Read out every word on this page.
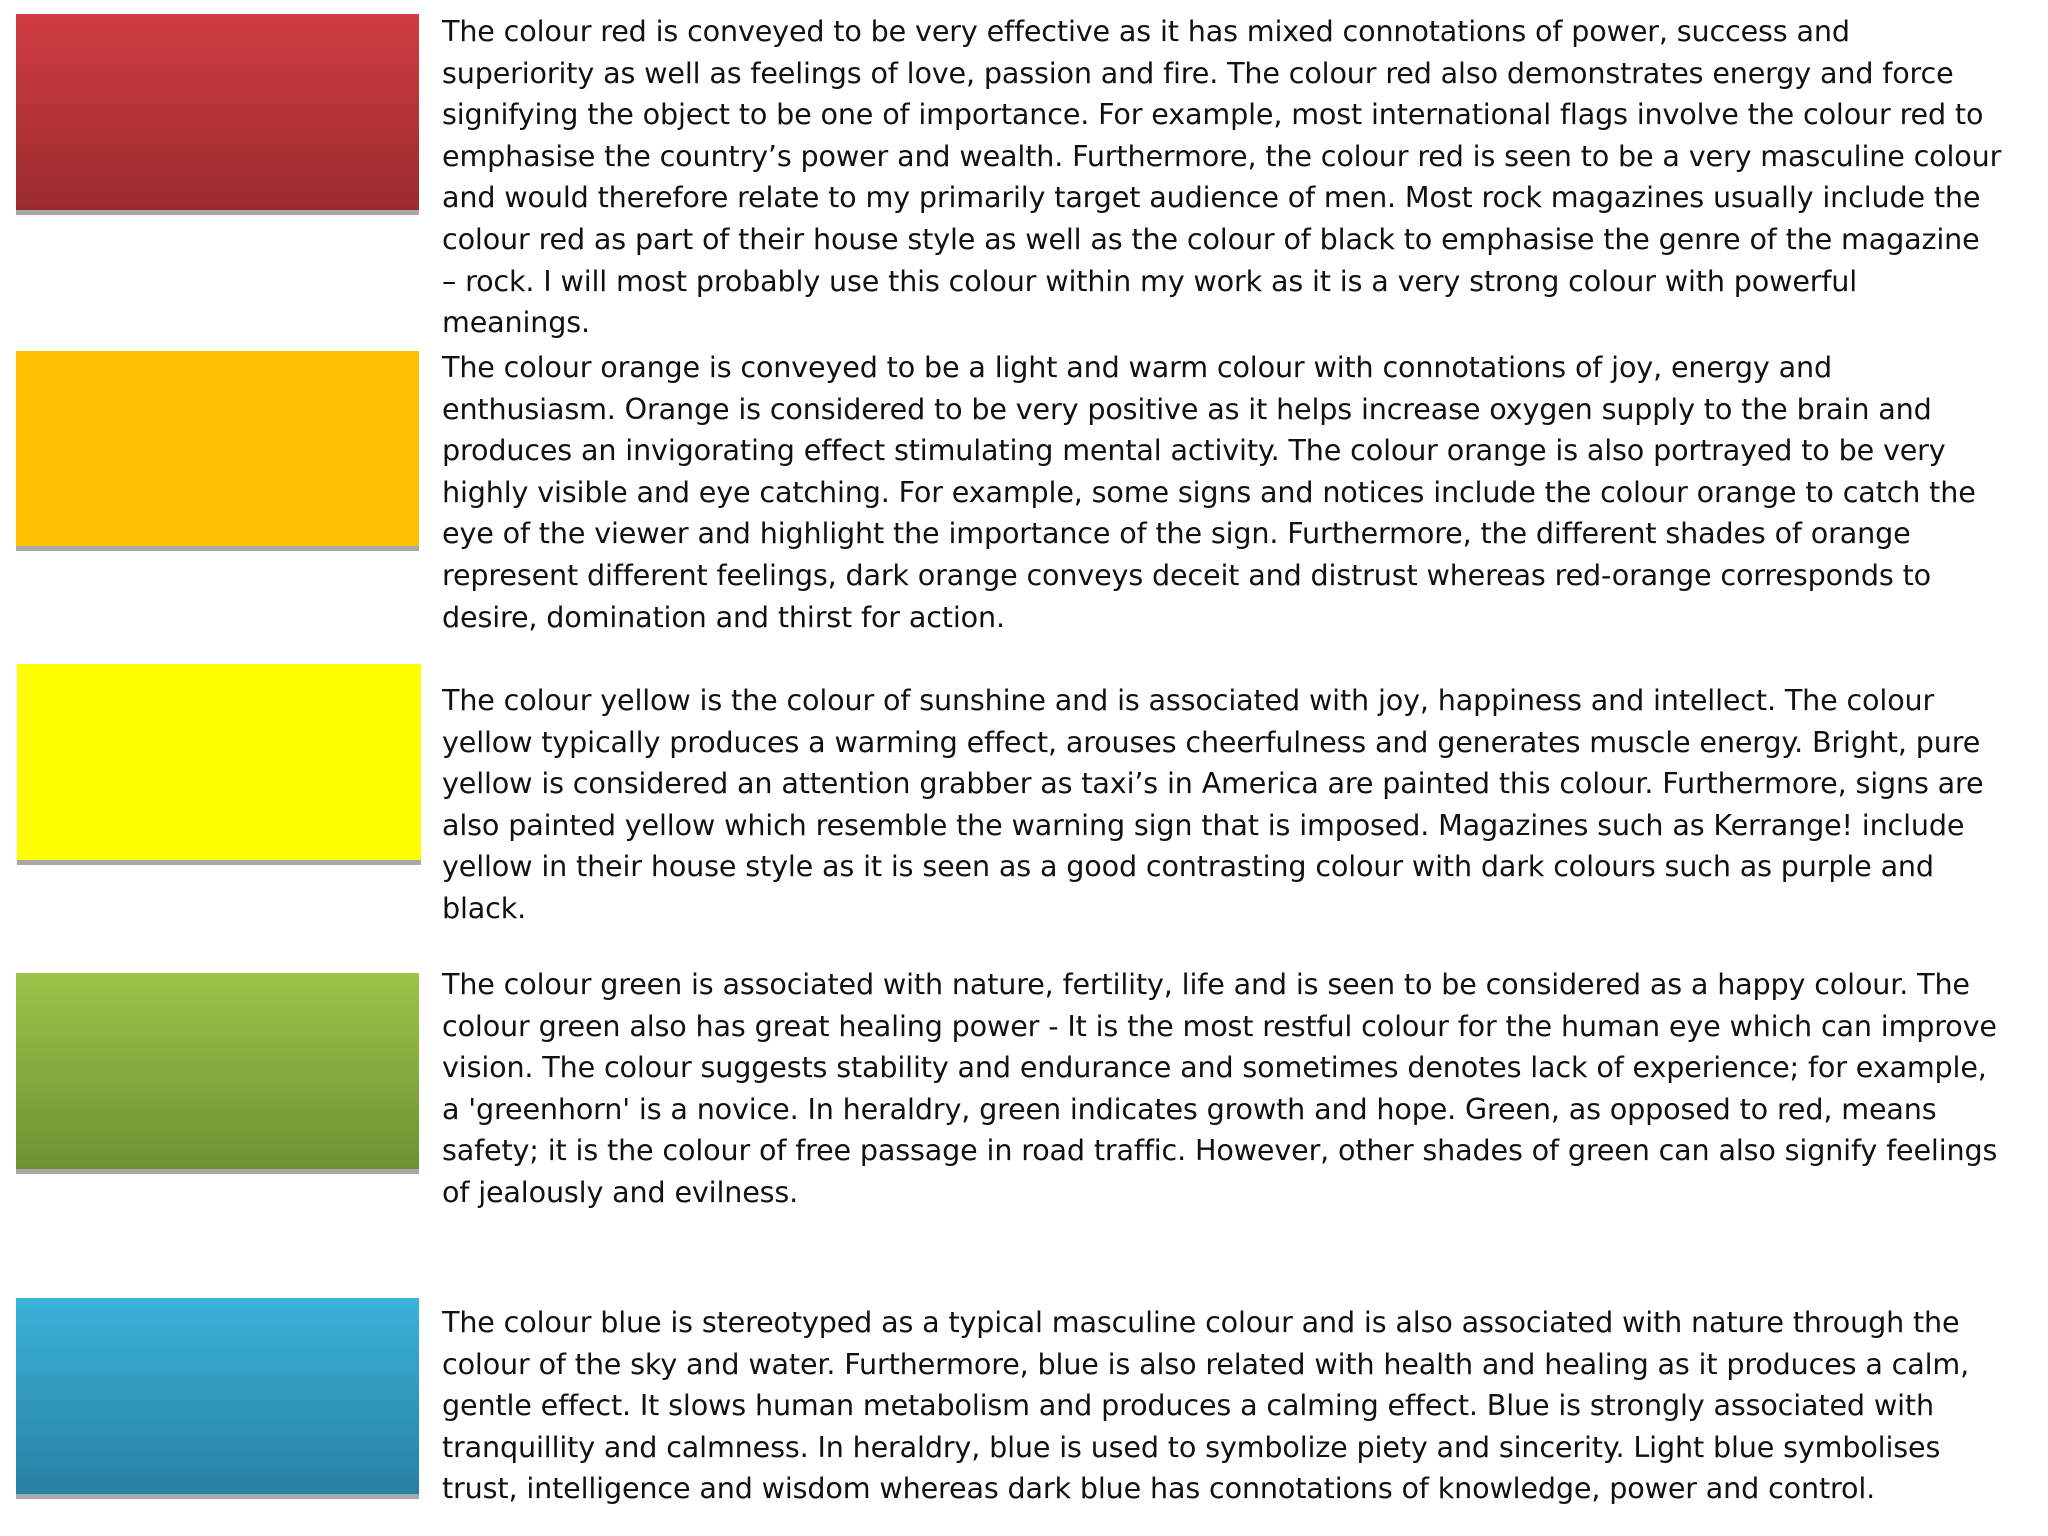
The colour red is conveyed to be very effective as it has mixed connotations of power, success and superiority as well as feelings of love, passion and fire. The colour red also demonstrates energy and force signifying the object to be one of importance. For example, most international flags involve the colour red to emphasise the country’s power and wealth. Furthermore, the colour red is seen to be a very masculine colour and would therefore relate to my primarily target audience of men. Most rock magazines usually include the colour red as part of their house style as well as the colour of black to emphasise the genre of the magazine – rock. I will most probably use this colour within my work as it is a very strong colour with powerful meanings.

The colour orange is conveyed to be a light and warm colour with connotations of joy, energy and enthusiasm. Orange is considered to be very positive as it helps increase oxygen supply to the brain and produces an invigorating effect stimulating mental activity. The colour orange is also portrayed to be very highly visible and eye catching. For example, some signs and notices include the colour orange to catch the eye of the viewer and highlight the importance of the sign. Furthermore, the different shades of orange represent different feelings, dark orange conveys deceit and distrust whereas red-orange corresponds to desire, domination and thirst for action.

The colour yellow is the colour of sunshine and is associated with joy, happiness and intellect. The colour yellow typically produces a warming effect, arouses cheerfulness and generates muscle energy. Bright, pure yellow is considered an attention grabber as taxi’s in America are painted this colour. Furthermore, signs are also painted yellow which resemble the warning sign that is imposed. Magazines such as Kerrange! include yellow in their house style as it is seen as a good contrasting colour with dark colours such as purple and black.

The colour green is associated with nature, fertility, life and is seen to be considered as a happy colour. The colour green also has great healing power - It is the most restful colour for the human eye which can improve vision. The colour suggests stability and endurance and sometimes denotes lack of experience; for example, a 'greenhorn' is a novice. In heraldry, green indicates growth and hope. Green, as opposed to red, means safety; it is the colour of free passage in road traffic. However, other shades of green can also signify feelings of jealously and evilness.

The colour blue is stereotyped as a typical masculine colour and is also associated with nature through the colour of the sky and water. Furthermore, blue is also related with health and healing as it produces a calm, gentle effect. It slows human metabolism and produces a calming effect. Blue is strongly associated with tranquillity and calmness. In heraldry, blue is used to symbolize piety and sincerity. Light blue symbolises trust, intelligence and wisdom whereas dark blue has connotations of knowledge, power and control.
